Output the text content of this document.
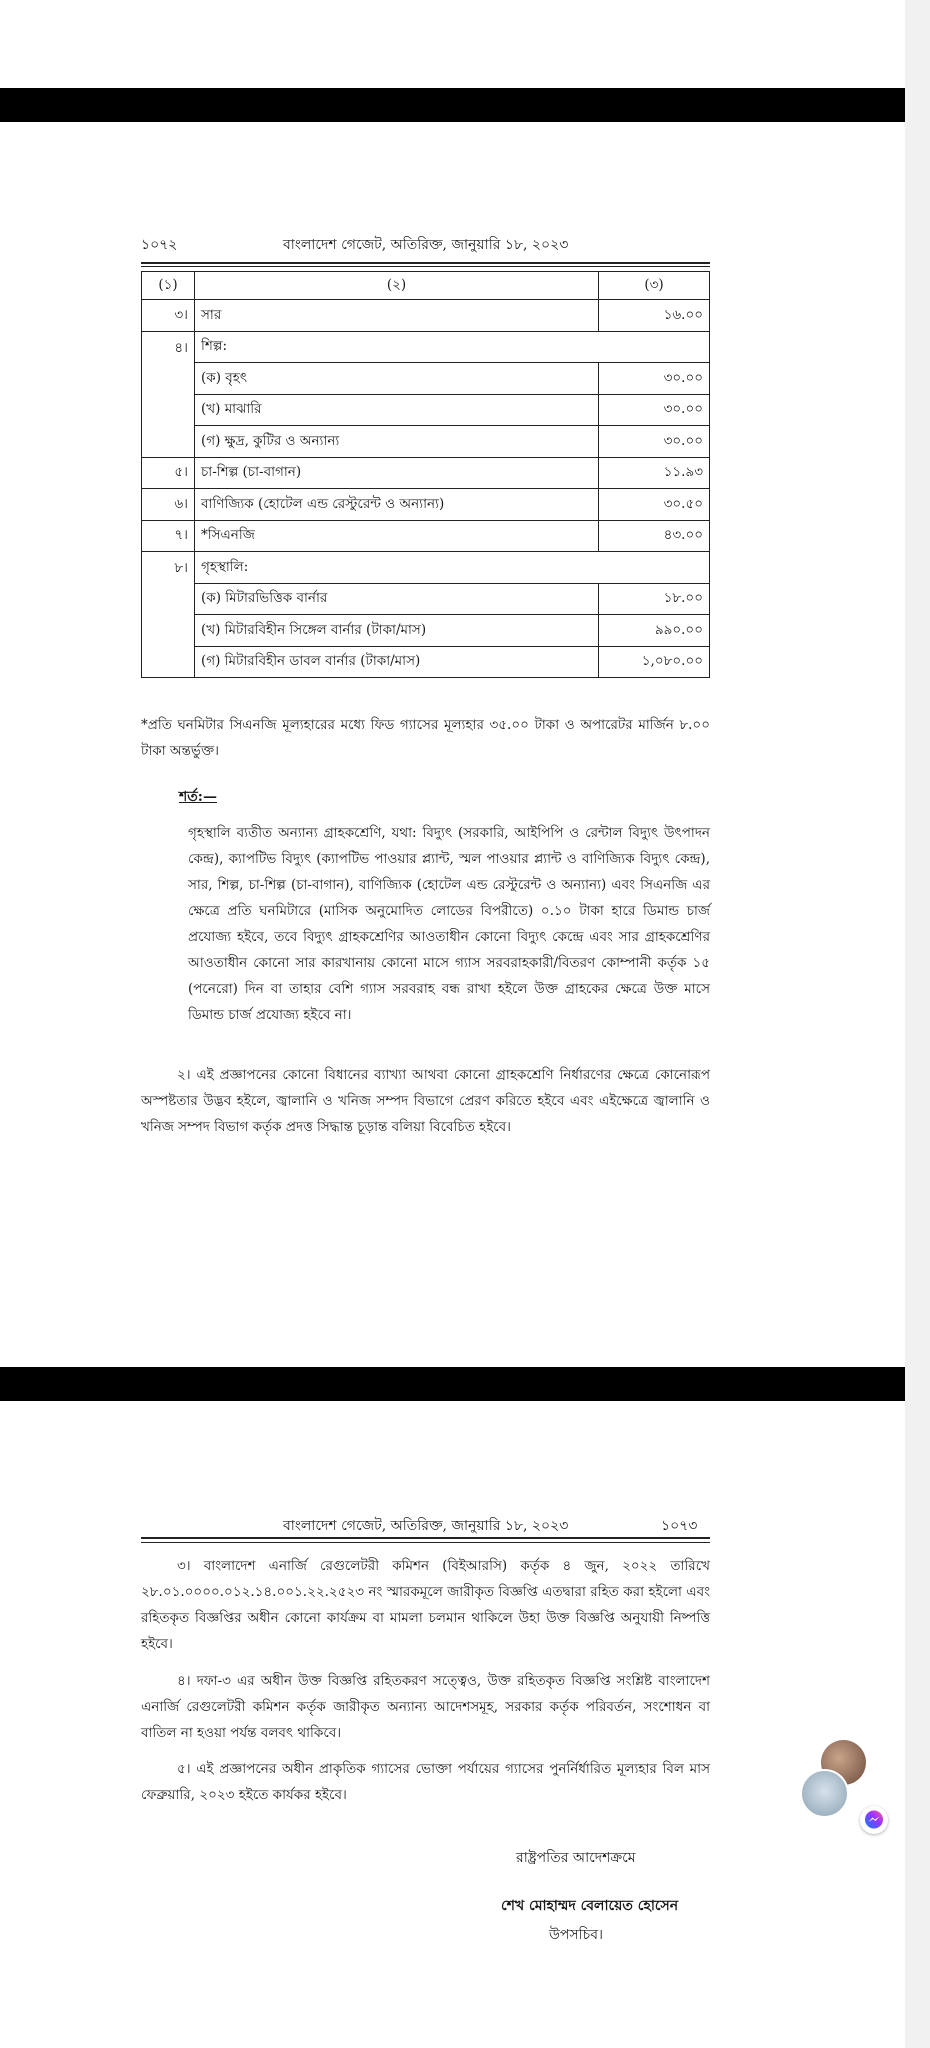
১০৭২	বাংলাদেশ গেজেট, অতিরিক্ত, জানুয়ারি ১৮, ২০২৩
(১)	(২)	(৩)
৩।	সার	১৬.০০
৪।	শিল্প:	
	(ক) বৃহৎ	৩০.০০
	(খ) মাঝারি	৩০.০০
	(গ) ক্ষুদ্র, কুটির ও অন্যান্য	৩০.০০
৫।	চা-শিল্প (চা-বাগান)	১১.৯৩
৬।	বাণিজ্যিক (হোটেল এন্ড রেস্টুরেন্ট ও অন্যান্য)	৩০.৫০
৭।	*সিএনজি	৪৩.০০
৮।	গৃহস্থালি:	
	(ক) মিটারভিত্তিক বার্নার	১৮.০০
	(খ) মিটারবিহীন সিঙ্গেল বার্নার (টাকা/মাস)	৯৯০.০০
	(গ) মিটারবিহীন ডাবল বার্নার (টাকা/মাস)	১,০৮০.০০

*প্রতি ঘনমিটার সিএনজি মূল্যহারের মধ্যে ফিড গ্যাসের মূল্যহার ৩৫.০০ টাকা ও অপারেটর মার্জিন ৮.০০ টাকা অন্তর্ভুক্ত।

শর্ত:—

গৃহস্থালি ব্যতীত অন্যান্য গ্রাহকশ্রেণি, যথা: বিদ্যুৎ (সরকারি, আইপিপি ও রেন্টাল বিদ্যুৎ উৎপাদন কেন্দ্র), ক্যাপটিভ বিদ্যুৎ (ক্যাপটিভ পাওয়ার প্ল্যান্ট, স্মল পাওয়ার প্ল্যান্ট ও বাণিজ্যিক বিদ্যুৎ কেন্দ্র), সার, শিল্প, চা-শিল্প (চা-বাগান), বাণিজ্যিক (হোটেল এন্ড রেস্টুরেন্ট ও অন্যান্য) এবং সিএনজি এর ক্ষেত্রে প্রতি ঘনমিটারে (মাসিক অনুমোদিত লোডের বিপরীতে) ০.১০ টাকা হারে ডিমান্ড চার্জ প্রযোজ্য হইবে, তবে বিদ্যুৎ গ্রাহকশ্রেণির আওতাধীন কোনো বিদ্যুৎ কেন্দ্রে এবং সার গ্রাহকশ্রেণির আওতাধীন কোনো সার কারখানায় কোনো মাসে গ্যাস সরবরাহকারী/বিতরণ কোম্পানী কর্তৃক ১৫ (পনেরো) দিন বা তাহার বেশি গ্যাস সরবরাহ বন্ধ রাখা হইলে উক্ত গ্রাহকের ক্ষেত্রে উক্ত মাসে ডিমান্ড চার্জ প্রযোজ্য হইবে না।

২। এই প্রজ্ঞাপনের কোনো বিধানের ব্যাখ্যা আথবা কোনো গ্রাহকশ্রেণি নির্ধারণের ক্ষেত্রে কোনোরূপ অস্পষ্টতার উদ্ভব হইলে, জ্বালানি ও খনিজ সম্পদ বিভাগে প্রেরণ করিতে হইবে এবং এইক্ষেত্রে জ্বালানি ও খনিজ সম্পদ বিভাগ কর্তৃক প্রদত্ত সিদ্ধান্ত চূড়ান্ত বলিয়া বিবেচিত হইবে।

বাংলাদেশ গেজেট, অতিরিক্ত, জানুয়ারি ১৮, ২০২৩	১০৭৩

৩। বাংলাদেশ এনার্জি রেগুলেটরী কমিশন (বিইআরসি) কর্তৃক ৪ জুন, ২০২২ তারিখে ২৮.০১.০০০০.০১২.১৪.০০১.২২.২৫২৩ নং স্মারকমূলে জারীকৃত বিজ্ঞপ্তি এতদ্বারা রহিত করা হইলো এবং রহিতকৃত বিজ্ঞপ্তির অধীন কোনো কার্যক্রম বা মামলা চলমান থাকিলে উহা উক্ত বিজ্ঞপ্তি অনুযায়ী নিষ্পত্তি হইবে।

৪। দফা-৩ এর অধীন উক্ত বিজ্ঞপ্তি রহিতকরণ সত্ত্বেও, উক্ত রহিতকৃত বিজ্ঞপ্তি সংশ্লিষ্ট বাংলাদেশ এনার্জি রেগুলেটরী কমিশন কর্তৃক জারীকৃত অন্যান্য আদেশসমূহ, সরকার কর্তৃক পরিবর্তন, সংশোধন বা বাতিল না হওয়া পর্যন্ত বলবৎ থাকিবে।

৫। এই প্রজ্ঞাপনের অধীন প্রাকৃতিক গ্যাসের ভোক্তা পর্যায়ের গ্যাসের পুনর্নির্ধারিত মূল্যহার বিল মাস ফেব্রুয়ারি, ২০২৩ হইতে কার্যকর হইবে।

রাষ্ট্রপতির আদেশক্রমে
শেখ মোহাম্মদ বেলায়েত হোসেন
উপসচিব।
